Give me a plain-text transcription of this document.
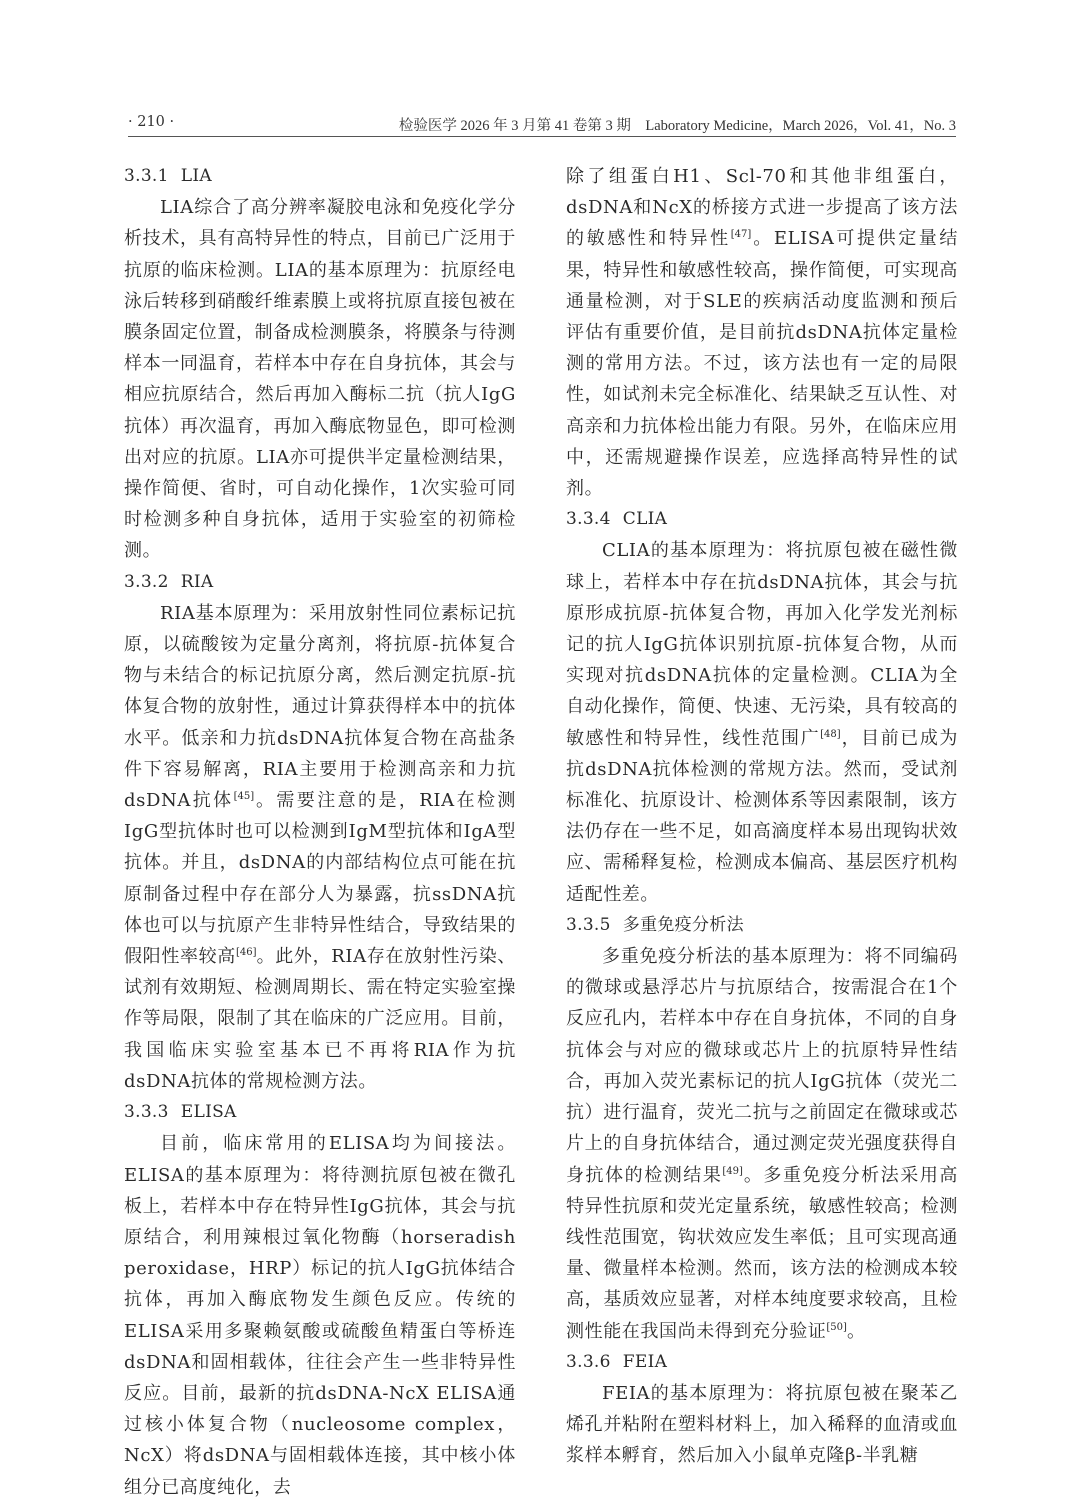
· 210 ·	检验医学 2026 年 3 月第 41 卷第 3 期　Laboratory Medicine，March 2026，Vol. 41，No. 3
3.3.1 LIA

LIA综合了高分辨率凝胶电泳和免疫化学分析技术，具有高特异性的特点，目前已广泛用于抗原的临床检测。LIA的基本原理为：抗原经电泳后转移到硝酸纤维素膜上或将抗原直接包被在膜条固定位置，制备成检测膜条，将膜条与待测样本一同温育，若样本中存在自身抗体，其会与相应抗原结合，然后再加入酶标二抗（抗人IgG抗体）再次温育，再加入酶底物显色，即可检测出对应的抗原。LIA亦可提供半定量检测结果，操作简便、省时，可自动化操作，1次实验可同时检测多种自身抗体，适用于实验室的初筛检测。

3.3.2 RIA

RIA基本原理为：采用放射性同位素标记抗原，以硫酸铵为定量分离剂，将抗原-抗体复合物与未结合的标记抗原分离，然后测定抗原-抗体复合物的放射性，通过计算获得样本中的抗体水平。低亲和力抗dsDNA抗体复合物在高盐条件下容易解离，RIA主要用于检测高亲和力抗dsDNA抗体[45]。需要注意的是，RIA在检测IgG型抗体时也可以检测到IgM型抗体和IgA型抗体。并且，dsDNA的内部结构位点可能在抗原制备过程中存在部分人为暴露，抗ssDNA抗体也可以与抗原产生非特异性结合，导致结果的假阳性率较高[46]。此外，RIA存在放射性污染、试剂有效期短、检测周期长、需在特定实验室操作等局限，限制了其在临床的广泛应用。目前，我国临床实验室基本已不再将RIA作为抗dsDNA抗体的常规检测方法。

3.3.3 ELISA

目前，临床常用的ELISA均为间接法。ELISA的基本原理为：将待测抗原包被在微孔板上，若样本中存在特异性IgG抗体，其会与抗原结合，利用辣根过氧化物酶（horseradish peroxidase，HRP）标记的抗人IgG抗体结合抗体，再加入酶底物发生颜色反应。传统的ELISA采用多聚赖氨酸或硫酸鱼精蛋白等桥连dsDNA和固相载体，往往会产生一些非特异性反应。目前，最新的抗dsDNA-NcX ELISA通过核小体复合物（nucleosome complex，NcX）将dsDNA与固相载体连接，其中核小体组分已高度纯化，去

除了组蛋白H1、Scl-70和其他非组蛋白，dsDNA和NcX的桥接方式进一步提高了该方法的敏感性和特异性[47]。ELISA可提供定量结果，特异性和敏感性较高，操作简便，可实现高通量检测，对于SLE的疾病活动度监测和预后评估有重要价值，是目前抗dsDNA抗体定量检测的常用方法。不过，该方法也有一定的局限性，如试剂未完全标准化、结果缺乏互认性、对高亲和力抗体检出能力有限。另外，在临床应用中，还需规避操作误差，应选择高特异性的试剂。

3.3.4 CLIA

CLIA的基本原理为：将抗原包被在磁性微球上，若样本中存在抗dsDNA抗体，其会与抗原形成抗原-抗体复合物，再加入化学发光剂标记的抗人IgG抗体识别抗原-抗体复合物，从而实现对抗dsDNA抗体的定量检测。CLIA为全自动化操作，简便、快速、无污染，具有较高的敏感性和特异性，线性范围广[48]，目前已成为抗dsDNA抗体检测的常规方法。然而，受试剂标准化、抗原设计、检测体系等因素限制，该方法仍存在一些不足，如高滴度样本易出现钩状效应、需稀释复检，检测成本偏高、基层医疗机构适配性差。

3.3.5 多重免疫分析法

多重免疫分析法的基本原理为：将不同编码的微球或悬浮芯片与抗原结合，按需混合在1个反应孔内，若样本中存在自身抗体，不同的自身抗体会与对应的微球或芯片上的抗原特异性结合，再加入荧光素标记的抗人IgG抗体（荧光二抗）进行温育，荧光二抗与之前固定在微球或芯片上的自身抗体结合，通过测定荧光强度获得自身抗体的检测结果[49]。多重免疫分析法采用高特异性抗原和荧光定量系统，敏感性较高；检测线性范围宽，钩状效应发生率低；且可实现高通量、微量样本检测。然而，该方法的检测成本较高，基质效应显著，对样本纯度要求较高，且检测性能在我国尚未得到充分验证[50]。

3.3.6 FEIA

FEIA的基本原理为：将抗原包被在聚苯乙烯孔并粘附在塑料材料上，加入稀释的血清或血浆样本孵育，然后加入小鼠单克隆β-半乳糖
